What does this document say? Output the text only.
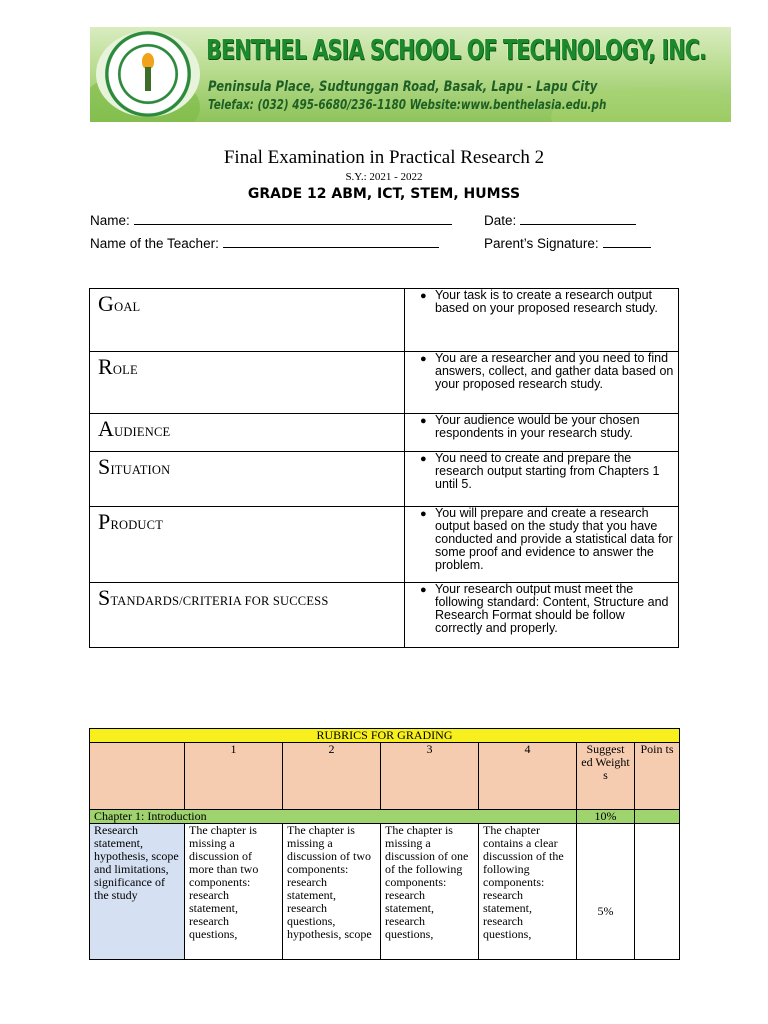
BENTHEL ASIA SCHOOL OF TECHNOLOGY, INC.
Peninsula Place, Sudtunggan Road, Basak, Lapu - Lapu City
Telefax: (032) 495-6680/236-1180 Website:www.benthelasia.edu.ph
Final Examination in Practical Research 2
S.Y.: 2021 - 2022
GRADE 12 ABM, ICT, STEM, HUMSS
Name:	Date:
Name of the Teacher:	Parent’s Signature:
GOAL	● Your task is to create a research output based on your proposed research study.
ROLE	● You are a researcher and you need to find answers, collect, and gather data based on your proposed research study.
AUDIENCE	● Your audience would be your chosen respondents in your research study.
SITUATION	● You need to create and prepare the research output starting from Chapters 1 until 5.
PRODUCT	● You will prepare and create a research output based on the study that you have conducted and provide a statistical data for some proof and evidence to answer the problem.
STANDARDS/CRITERIA FOR SUCCESS	● Your research output must meet the following standard: Content, Structure and Research Format should be follow correctly and properly.
RUBRICS FOR GRADING						
	1	2	3	4	Suggest ed Weight s	Poin ts
Chapter 1: Introduction					10%	
Research statement, hypothesis, scope and limitations, significance of the study	The chapter is missing a discussion of more than two components: research statement, research questions,	The chapter is missing a discussion of two components: research statement, research questions, hypothesis, scope	The chapter is missing a discussion of one of the following components: research statement, research questions,	The chapter contains a clear discussion of the following components: research statement, research questions,	5%	
